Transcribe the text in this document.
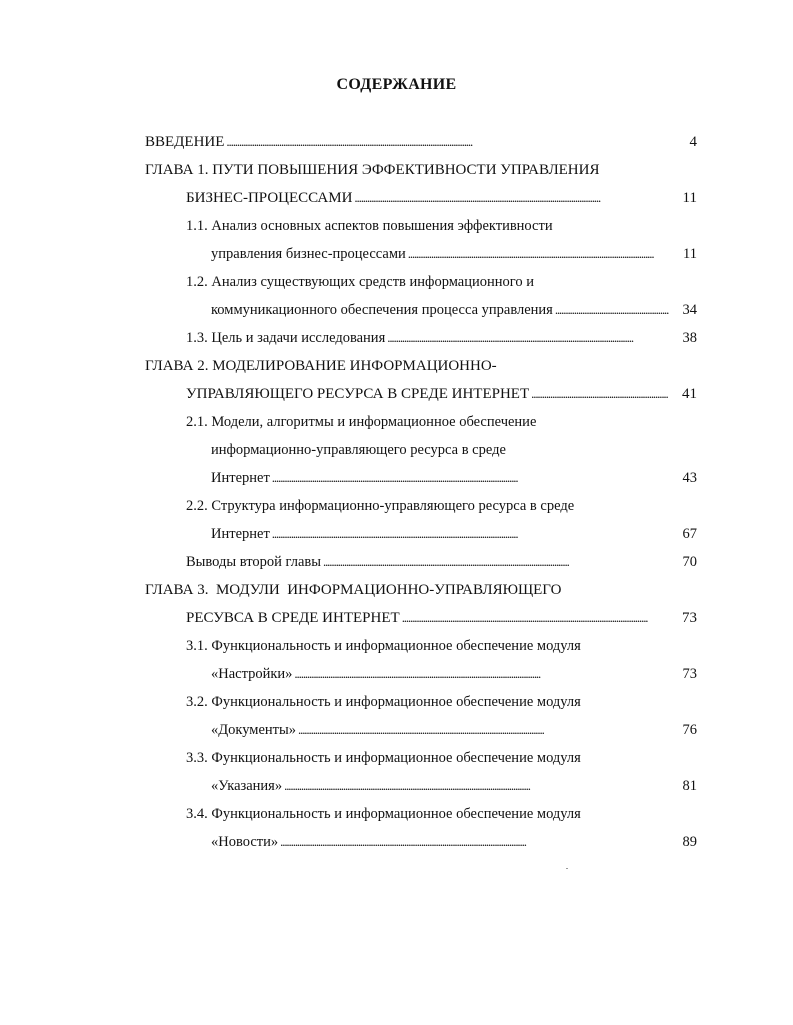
СОДЕРЖАНИЕ
ВВЕДЕНИЕ . . .	4
ГЛАВА 1. ПУТИ ПОВЫШЕНИЯ ЭФФЕКТИВНОСТИ УПРАВЛЕНИЯ
БИЗНЕС-ПРОЦЕССАМИ . . .	11
1.1. Анализ основных аспектов повышения эффективности
управления бизнес-процессами . . .	11
1.2. Анализ существующих средств информационного и
коммуникационного обеспечения процесса управления . . .	34
1.3. Цель и задачи исследования . . .	38
ГЛАВА 2. МОДЕЛИРОВАНИЕ ИНФОРМАЦИОННО-
УПРАВЛЯЮЩЕГО РЕСУРСА В СРЕДЕ ИНТЕРНЕТ . . .	41
2.1. Модели, алгоритмы и информационное обеспечение
информационно-управляющего ресурса в среде
Интернет . . .	43
2.2. Структура информационно-управляющего ресурса в среде
Интернет . . .	67
Выводы второй главы . . .	70
ГЛАВА 3.  МОДУЛИ  ИНФОРМАЦИОННО-УПРАВЛЯЮЩЕГО
РЕСУВСА В СРЕДЕ ИНТЕРНЕТ . . .	73
3.1. Функциональность и информационное обеспечение модуля
«Настройки» . . .	73
3.2. Функциональность и информационное обеспечение модуля
«Документы» . . .	76
3.3. Функциональность и информационное обеспечение модуля
«Указания» . . .	81
3.4. Функциональность и информационное обеспечение модуля
«Новости» . . .	89
